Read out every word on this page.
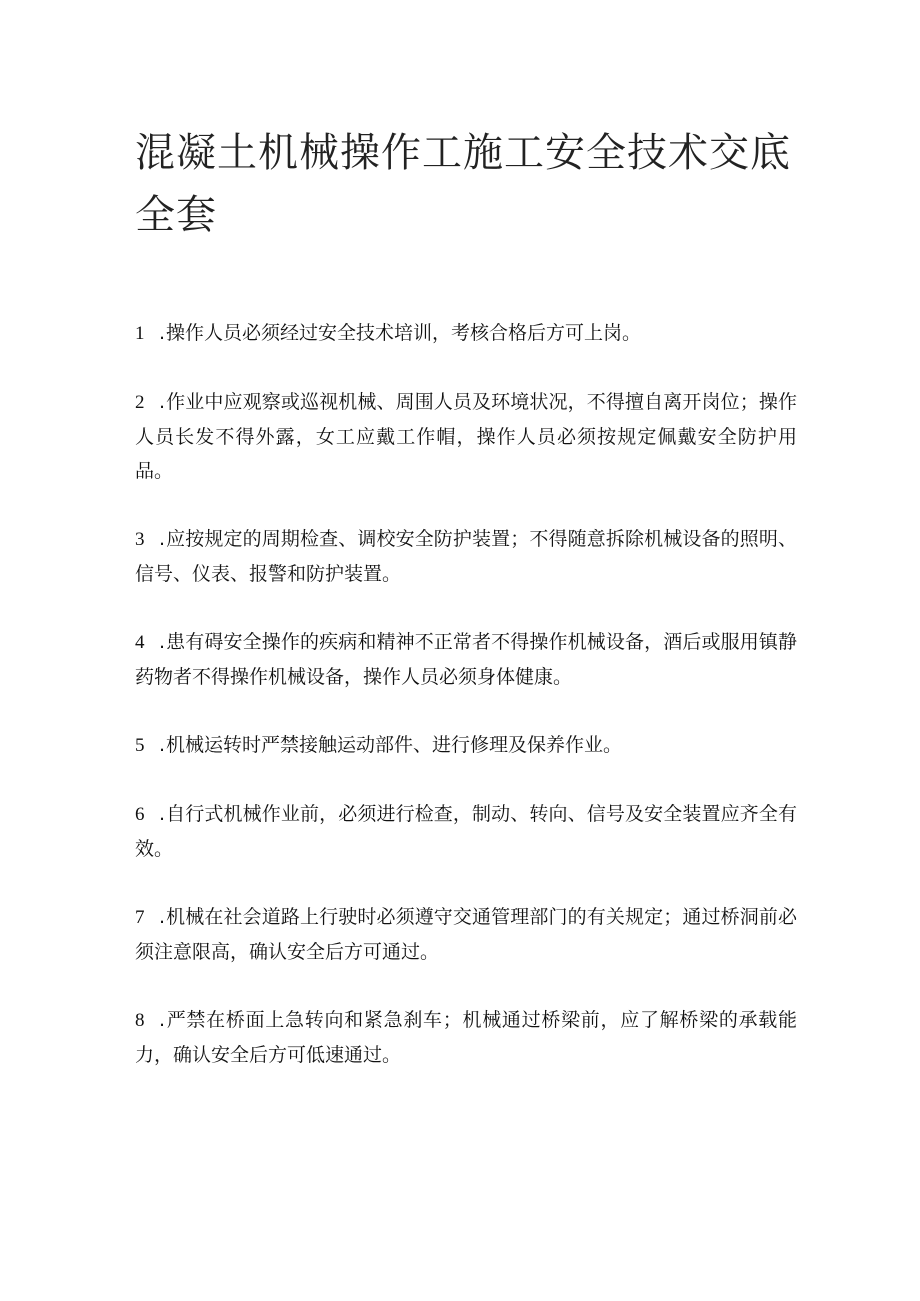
混凝土机械操作工施工安全技术交底全套
1 .操作人员必须经过安全技术培训，考核合格后方可上岗。
2 .作业中应观察或巡视机械、周围人员及环境状况，不得擅自离开岗位；操作人员长发不得外露，女工应戴工作帽，操作人员必须按规定佩戴安全防护用品。
3 .应按规定的周期检查、调校安全防护装置；不得随意拆除机械设备的照明、信号、仪表、报警和防护装置。
4 .患有碍安全操作的疾病和精神不正常者不得操作机械设备，酒后或服用镇静药物者不得操作机械设备，操作人员必须身体健康。
5 .机械运转时严禁接触运动部件、进行修理及保养作业。
6 .自行式机械作业前，必须进行检查，制动、转向、信号及安全装置应齐全有效。
7 .机械在社会道路上行驶时必须遵守交通管理部门的有关规定；通过桥洞前必须注意限高，确认安全后方可通过。
8 .严禁在桥面上急转向和紧急刹车；机械通过桥梁前，应了解桥梁的承载能力，确认安全后方可低速通过。
